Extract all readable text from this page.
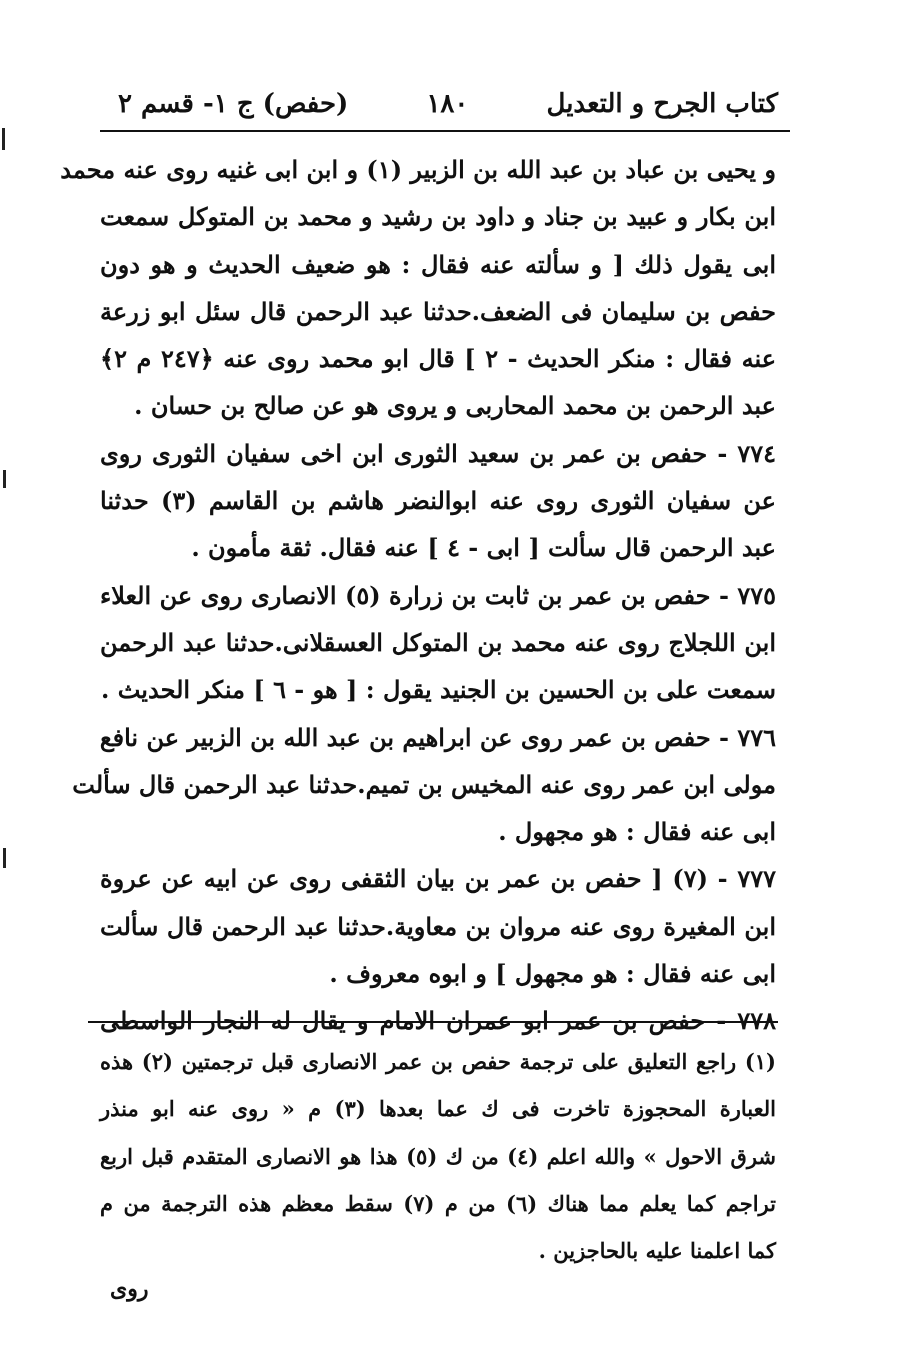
كتاب الجرح و التعديل
١٨٠
(حفص) ج ١- قسم ٢
و يحيى بن عباد بن عبد الله بن الزبير (١) و ابن ابى غنيه روى عنه محمد
ابن بكار و عبيد بن جناد و داود بن رشيد و محمد بن المتوكل سمعت
ابى يقول ذلك [ و سألته عنه فقال : هو ضعيف الحديث و هو دون
حفص بن سليمان فى الضعف.حدثنا عبد الرحمن قال سئل ابو زرعة
عنه فقال : منكر الحديث - ٢ ] قال ابو محمد روى عنه ﴿٢٤٧ م ٢﴾
عبد الرحمن بن محمد المحاربى و يروى هو عن صالح بن حسان .
٧٧٤ - حفص بن عمر بن سعيد الثورى ابن اخى سفيان الثورى روى
عن سفيان الثورى روى عنه ابوالنضر هاشم بن القاسم (٣) حدثنا
عبد الرحمن قال سألت [ ابى - ٤ ] عنه فقال. ثقة مأمون .
٧٧٥ - حفص بن عمر بن ثابت بن زرارة (٥) الانصارى روى عن العلاء
ابن اللجلاج روى عنه محمد بن المتوكل العسقلانى.حدثنا عبد الرحمن
سمعت على بن الحسين بن الجنيد يقول : [ هو - ٦ ] منكر الحديث .
٧٧٦ - حفص بن عمر روى عن ابراهيم بن عبد الله بن الزبير عن نافع
مولى ابن عمر روى عنه المخيس بن تميم.حدثنا عبد الرحمن قال سألت
ابى عنه فقال : هو مجهول .
٧٧٧ - (٧) [ حفص بن عمر بن بيان الثقفى روى عن ابيه عن عروة
ابن المغيرة روى عنه مروان بن معاوية.حدثنا عبد الرحمن قال سألت
ابى عنه فقال : هو مجهول ] و ابوه معروف .
٧٧٨ - حفص بن عمر ابو عمران الامام و يقال له النجار الواسطى
(١) راجع التعليق على ترجمة حفص بن عمر الانصارى قبل ترجمتين (٢) هذه
العبارة المحجوزة تاخرت فى ك عما بعدها (٣) م « روى عنه ابو منذر
شرق الاحول » والله اعلم (٤) من ك (٥) هذا هو الانصارى المتقدم قبل اربع
تراجم كما يعلم مما هناك (٦) من م (٧) سقط معظم هذه الترجمة من م
كما اعلمنا عليه بالحاجزين .
روى
